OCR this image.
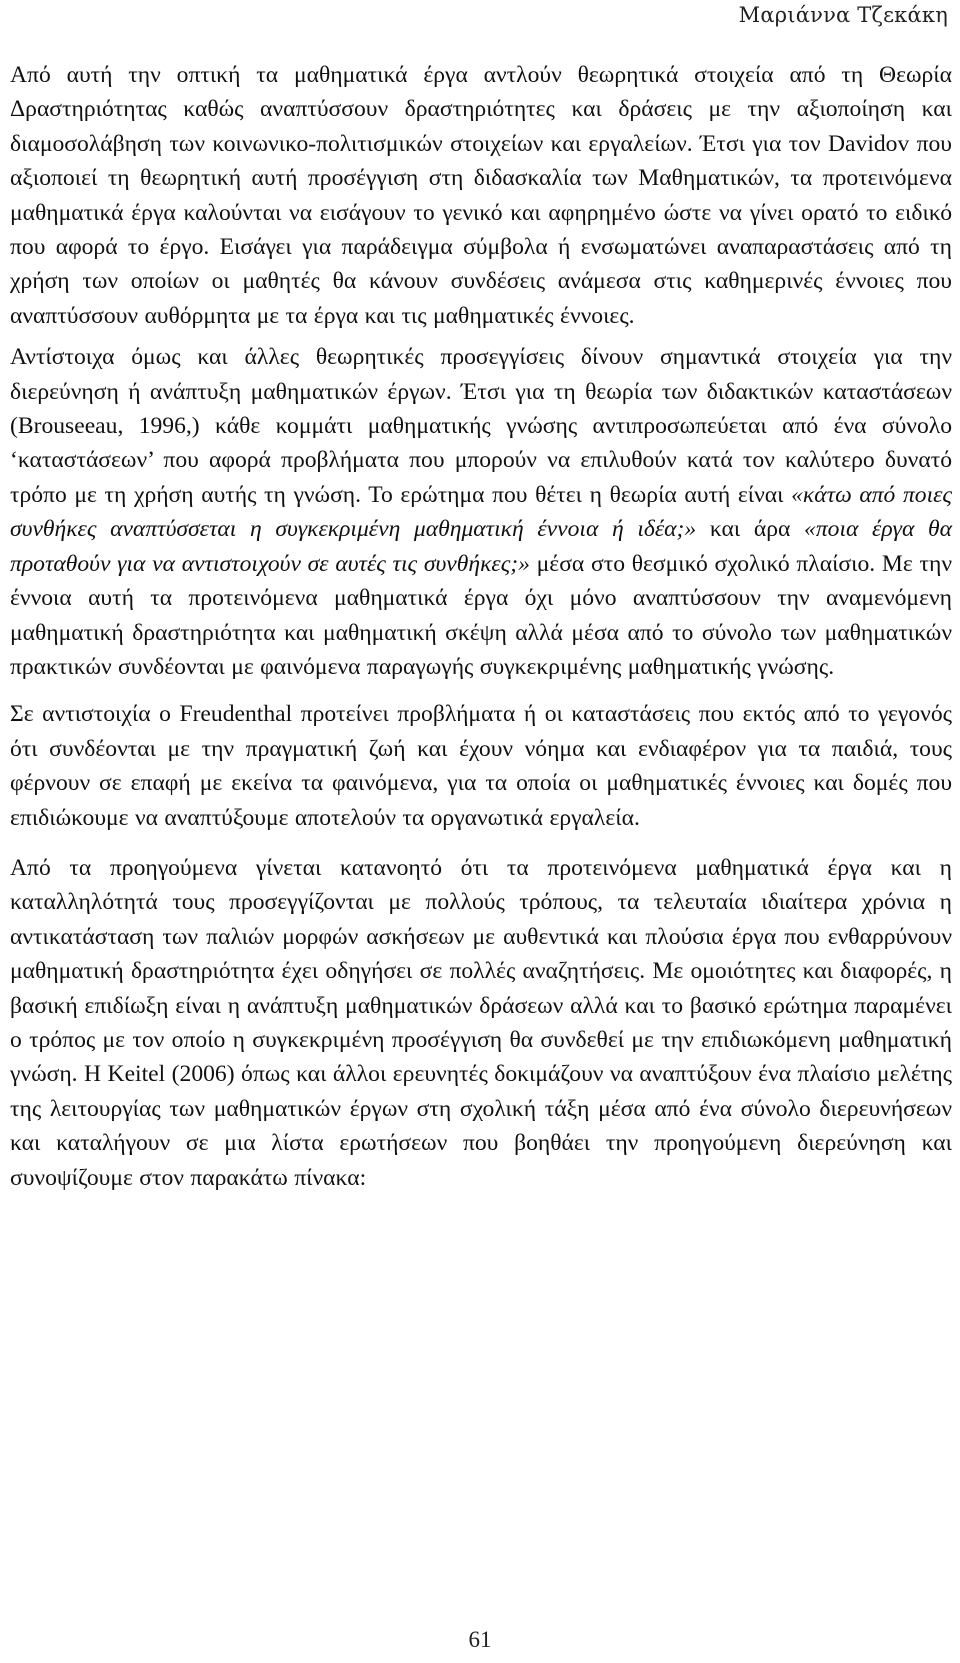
Μαριάννα Τζεκάκη

Από αυτή την οπτική τα μαθηματικά έργα αντλούν θεωρητικά στοιχεία από τη Θεωρία Δραστηριότητας καθώς αναπτύσσουν δραστηριότητες και δράσεις με την αξιοποίηση και διαμοσολάβηση των κοινωνικο-πολιτισμικών στοιχείων και εργαλείων. Έτσι για τον Davidov που αξιοποιεί τη θεωρητική αυτή προσέγγιση στη διδασκαλία των Μαθηματικών, τα προτεινόμενα μαθηματικά έργα καλούνται να εισάγουν το γενικό και αφηρημένο ώστε να γίνει ορατό το ειδικό που αφορά το έργο. Εισάγει για παράδειγμα σύμβολα ή ενσωματώνει αναπαραστάσεις από τη χρήση των οποίων οι μαθητές θα κάνουν συνδέσεις ανάμεσα στις καθημερινές έννοιες που αναπτύσσουν αυθόρμητα με τα έργα και τις μαθηματικές έννοιες.

Αντίστοιχα όμως και άλλες θεωρητικές προσεγγίσεις δίνουν σημαντικά στοιχεία για την διερεύνηση ή ανάπτυξη μαθηματικών έργων. Έτσι για τη θεωρία των διδακτικών καταστάσεων (Brouseeau, 1996,) κάθε κομμάτι μαθηματικής γνώσης αντιπροσωπεύεται από ένα σύνολο ‘καταστάσεων’ που αφορά προβλήματα που μπορούν να επιλυθούν κατά τον καλύτερο δυνατό τρόπο με τη χρήση αυτής τη γνώση. Το ερώτημα που θέτει η θεωρία αυτή είναι «κάτω από ποιες συνθήκες αναπτύσσεται η συγκεκριμένη μαθηματική έννοια ή ιδέα;» και άρα «ποια έργα θα προταθούν για να αντιστοιχούν σε αυτές τις συνθήκες;» μέσα στο θεσμικό σχολικό πλαίσιο. Με την έννοια αυτή τα προτεινόμενα μαθηματικά έργα όχι μόνο αναπτύσσουν την αναμενόμενη μαθηματική δραστηριότητα και μαθηματική σκέψη αλλά μέσα από το σύνολο των μαθηματικών πρακτικών συνδέονται με φαινόμενα παραγωγής συγκεκριμένης μαθηματικής γνώσης.

Σε αντιστοιχία ο Freudenthal προτείνει προβλήματα ή οι καταστάσεις που εκτός από το γεγονός ότι συνδέονται με την πραγματική ζωή και έχουν νόημα και ενδιαφέρον για τα παιδιά, τους φέρνουν σε επαφή με εκείνα τα φαινόμενα, για τα οποία οι μαθηματικές έννοιες και δομές που επιδιώκουμε να αναπτύξουμε αποτελούν τα οργανωτικά εργαλεία.

Από τα προηγούμενα γίνεται κατανοητό ότι τα προτεινόμενα μαθηματικά έργα και η καταλληλότητά τους προσεγγίζονται με πολλούς τρόπους, τα τελευταία ιδιαίτερα χρόνια η αντικατάσταση των παλιών μορφών ασκήσεων με αυθεντικά και πλούσια έργα που ενθαρρύνουν μαθηματική δραστηριότητα έχει οδηγήσει σε πολλές αναζητήσεις. Με ομοιότητες και διαφορές, η βασική επιδίωξη είναι η ανάπτυξη μαθηματικών δράσεων αλλά και το βασικό ερώτημα παραμένει ο τρόπος με τον οποίο η συγκεκριμένη προσέγγιση θα συνδεθεί με την επιδιωκόμενη μαθηματική γνώση. Η Keitel (2006) όπως και άλλοι ερευνητές δοκιμάζουν να αναπτύξουν ένα πλαίσιο μελέτης της λειτουργίας των μαθηματικών έργων στη σχολική τάξη μέσα από ένα σύνολο διερευνήσεων και καταλήγουν σε μια λίστα ερωτήσεων που βοηθάει την προηγούμενη διερεύνηση και συνοψίζουμε στον παρακάτω πίνακα:

61
